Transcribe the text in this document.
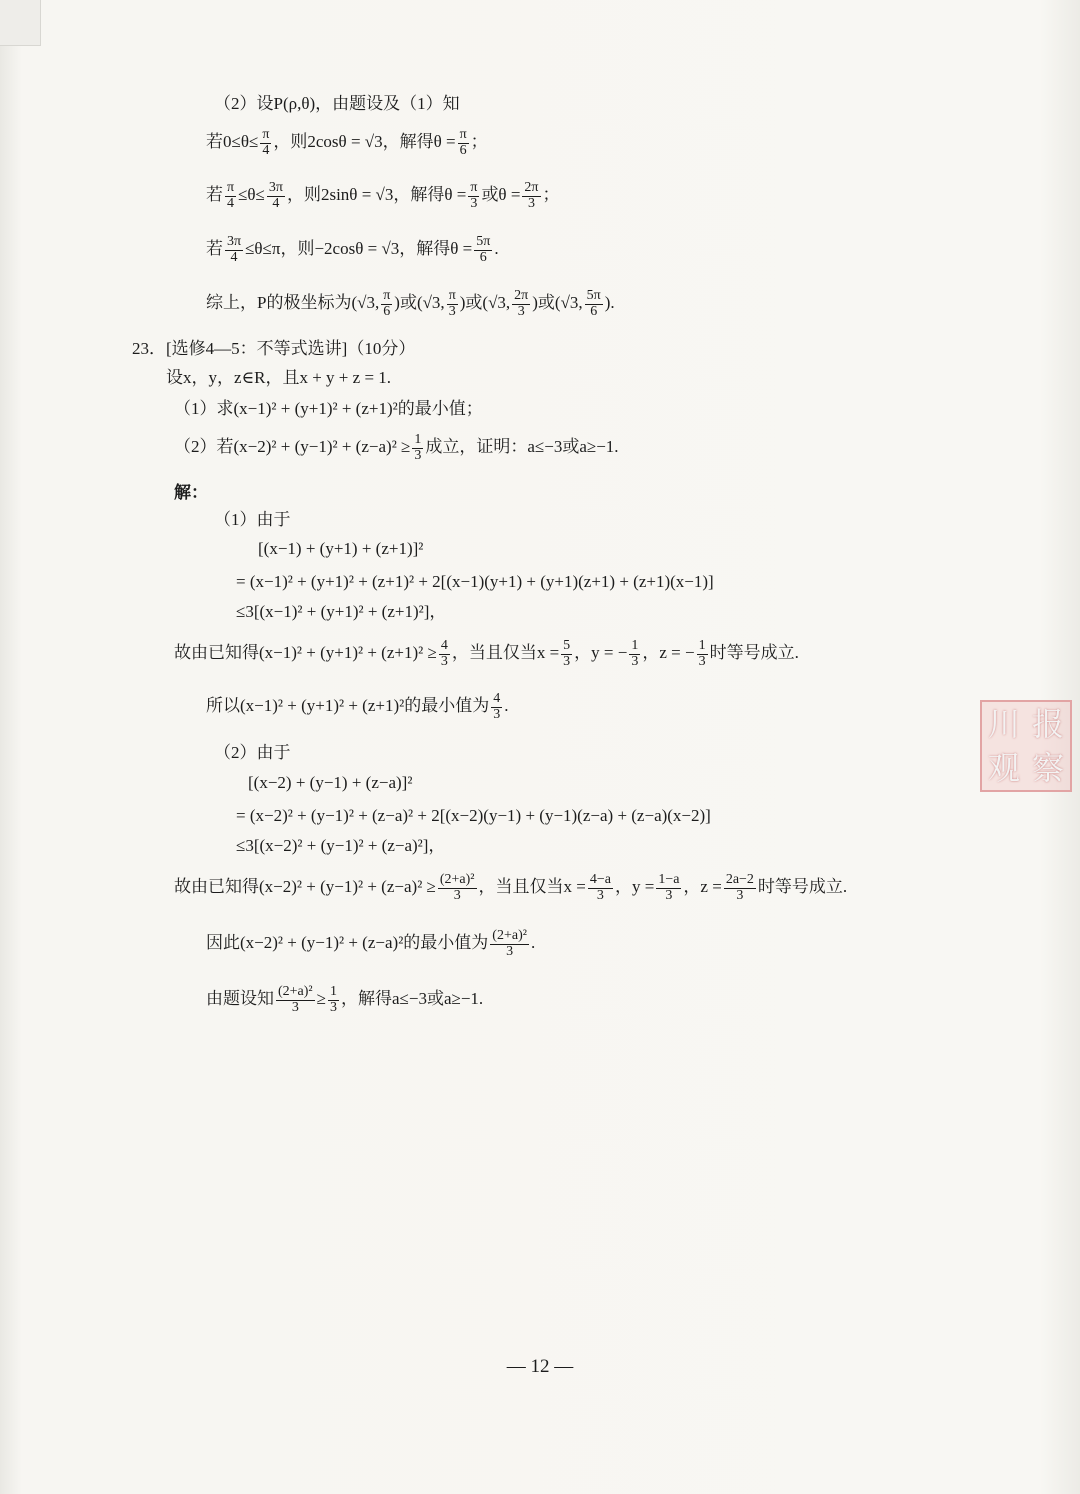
（2）设P(ρ,θ)，由题设及（1）知
若$0\le\theta\le \frac{\pi}{4}$ ，则2cosθ = √3，解得$\theta = \frac{\pi}{6}$ ；
若 $\frac{\pi}{4} \le\theta\le \frac{3\pi}{4}$ ，则2sinθ = √3，解得$\theta = \frac{\pi}{3}$ 或$\theta = \frac{2\pi}{3}$ ；
若 $\frac{3\pi}{4} \le\theta\le\pi$，则−2cosθ = √3，解得$\theta = \frac{5\pi}{6}$ .
综上，P的极坐标为(√3, $\frac{\pi}{6}$ )或(√3, $\frac{\pi}{3}$ )或(√3, $\frac{2\pi}{3}$ )或(√3, $\frac{5\pi}{6}$ ).
23．[选修4—5：不等式选讲]（10分）
设x，y，z∈R，且x + y + z = 1.
（1）求(x−1)² + (y+1)² + (z+1)²的最小值；
（2）若$(x-2)^2 + (y-1)^2 + (z-a)^2 \ge \frac{1}{3}$ 成立，证明：a≤−3或a≥−1.
解：
（1）由于
[(x−1) + (y+1) + (z+1)]²
= (x−1)² + (y+1)² + (z+1)² + 2[(x−1)(y+1) + (y+1)(z+1) + (z+1)(x−1)]
≤3[(x−1)² + (y+1)² + (z+1)²]，
故由已知得$(x-1)^2 + (y+1)^2 + (z+1)^2 \ge \frac{4}{3}$ ，当且仅当$x = \frac{5}{3}$ ，y = − $\frac{1}{3}$ ，z = − $\frac{1}{3}$ 时等号成立.
所以(x−1)² + (y+1)² + (z+1)²的最小值为 $\frac{4}{3}$ .
（2）由于
[(x−2) + (y−1) + (z−a)]²
= (x−2)² + (y−1)² + (z−a)² + 2[(x−2)(y−1) + (y−1)(z−a) + (z−a)(x−2)]
≤3[(x−2)² + (y−1)² + (z−a)²]，
故由已知得$(x-2)^2 + (y-1)^2 + (z-a)^2 \ge \frac{\text{(2+a)²}}{3}$ ，当且仅当$x = \frac{4-a}{3}$ ，$y = \frac{1-a}{3}$ ，$z = \frac{2a-2}{3}$ 时等号成立.
因此(x−2)² + (y−1)² + (z−a)²的最小值为 $\frac{\text{(2+a)²}}{3}$ .
由题设知 $\frac{\text{(2+a)²}}{3} \ge \frac{1}{3}$ ，解得a≤−3或a≥−1.
川 报
观 察
— 12 —
